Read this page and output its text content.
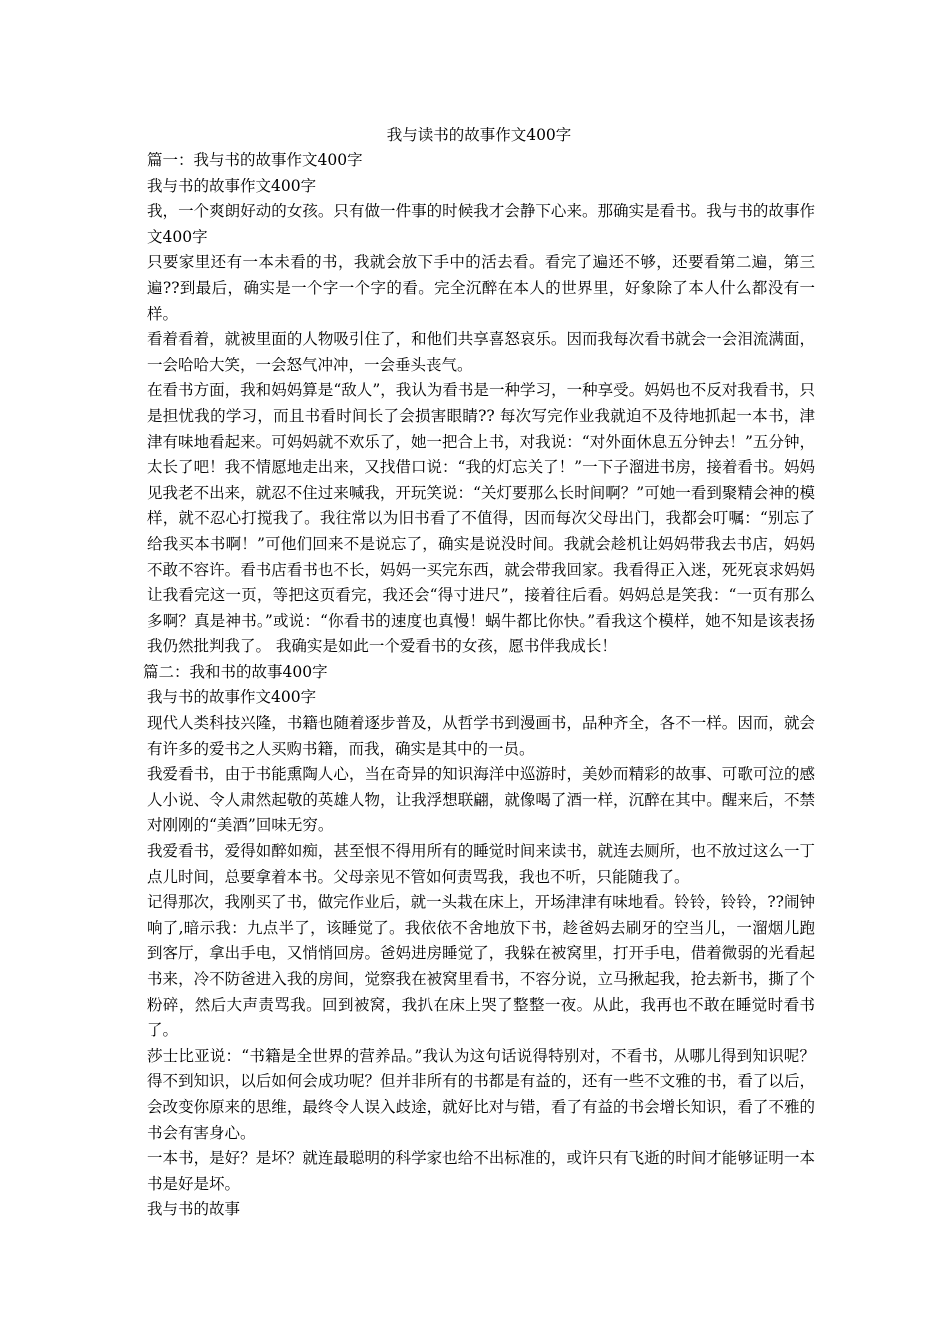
我与读书的故事作文400字

篇一：我与书的故事作文400字

我与书的故事作文400字

我，一个爽朗好动的女孩。只有做一件事的时候我才会静下心来。那确实是看书。我与书的故事作文400字

只要家里还有一本未看的书，我就会放下手中的活去看。看完了遍还不够，还要看第二遍，第三遍??到最后，确实是一个字一个字的看。完全沉醉在本人的世界里，好象除了本人什么都没有一样。

看着看着，就被里面的人物吸引住了，和他们共享喜怒哀乐。因而我每次看书就会一会泪流满面，一会哈哈大笑，一会怒气冲冲，一会垂头丧气。

在看书方面，我和妈妈算是“敌人”，我认为看书是一种学习，一种享受。妈妈也不反对我看书，只是担忧我的学习，而且书看时间长了会损害眼睛?? 每次写完作业我就迫不及待地抓起一本书，津津有味地看起来。可妈妈就不欢乐了，她一把合上书，对我说：“对外面休息五分钟去！”五分钟，太长了吧！我不情愿地走出来，又找借口说：“我的灯忘关了！”一下子溜进书房，接着看书。妈妈见我老不出来，就忍不住过来喊我，开玩笑说：“关灯要那么长时间啊？”可她一看到聚精会神的模样，就不忍心打搅我了。我往常以为旧书看了不值得，因而每次父母出门，我都会叮嘱：“别忘了给我买本书啊！”可他们回来不是说忘了，确实是说没时间。我就会趁机让妈妈带我去书店，妈妈不敢不容许。看书店看书也不长，妈妈一买完东西，就会带我回家。我看得正入迷，死死哀求妈妈让我看完这一页，等把这页看完，我还会“得寸进尺”，接着往后看。妈妈总是笑我：“一页有那么多啊？真是神书。”或说：“你看书的速度也真慢！蜗牛都比你快。”看我这个模样，她不知是该表扬我仍然批判我了。 我确实是如此一个爱看书的女孩，愿书伴我成长！

篇二：我和书的故事400字

我与书的故事作文400字

现代人类科技兴隆，书籍也随着逐步普及，从哲学书到漫画书，品种齐全，各不一样。因而，就会有许多的爱书之人买购书籍，而我，确实是其中的一员。

我爱看书，由于书能熏陶人心，当在奇异的知识海洋中巡游时，美妙而精彩的故事、可歌可泣的感人小说、令人肃然起敬的英雄人物，让我浮想联翩，就像喝了酒一样，沉醉在其中。醒来后，不禁 对刚刚的“美酒”回味无穷。

我爱看书，爱得如醉如痴，甚至恨不得用所有的睡觉时间来读书，就连去厕所，也不放过这么一丁点儿时间，总要拿着本书。父母亲见不管如何责骂我，我也不听，只能随我了。

记得那次，我刚买了书，做完作业后，就一头栽在床上，开场津津有味地看。铃铃，铃铃，??闹钟响了,暗示我：九点半了，该睡觉了。我依依不舍地放下书，趁爸妈去刷牙的空当儿，一溜烟儿跑到客厅，拿出手电，又悄悄回房。爸妈进房睡觉了，我躲在被窝里，打开手电，借着微弱的光看起书来，冷不防爸进入我的房间，觉察我在被窝里看书，不容分说，立马揪起我，抢去新书，撕了个粉碎，然后大声责骂我。回到被窝，我扒在床上哭了整整一夜。从此，我再也不敢在睡觉时看书了。

莎士比亚说：“书籍是全世界的营养品。”我认为这句话说得特别对，不看书，从哪儿得到知识呢？得不到知识，以后如何会成功呢？但并非所有的书都是有益的，还有一些不文雅的书，看了以后，会改变你原来的思维，最终令人误入歧途，就好比对与错，看了有益的书会增长知识，看了不雅的书会有害身心。

一本书，是好？是坏？就连最聪明的科学家也给不出标准的，或许只有飞逝的时间才能够证明一本书是好是坏。

我与书的故事
